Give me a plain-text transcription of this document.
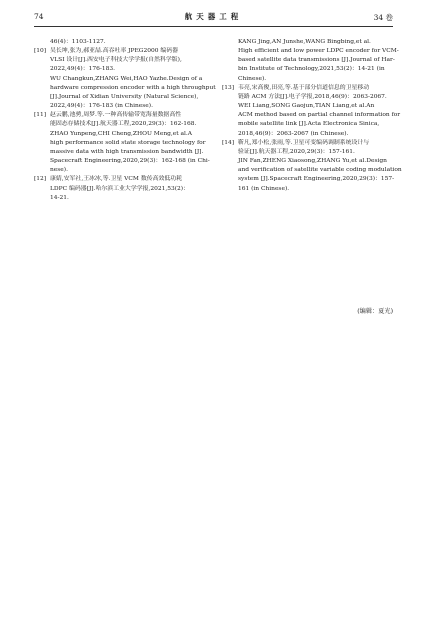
74	航天器工程	34 卷
46(4)：1103-1127.
[10] 吴长坤,张为,郝亚喆.高吞吐率 JPEG2000 编码器
VLSI 设计[J].西安电子科技大学学报(自然科学版),
2022,49(4)：176-183.
WU Changkun,ZHANG Wei,HAO Yazhe.Design of a
hardware compression encoder with a high throughput
[J].Journal of Xidian University (Natural Science),
2022,49(4)：176-183 (in Chinese).
[11] 赵云鹏,池骋,周梦.等.一种高传输带宽海量数据高性
能固态存储技术[J].航天器工程,2020,29(3)：162-168.
ZHAO Yunpeng,CHI Cheng,ZHOU Meng,et al.A
high performance solid state storage technology for
massive data with high transmission bandwidth [J].
Spacecraft Engineering,2020,29(3)：162-168 (in Chi-
nese).
[12] 康婧,安军社,王冰冰,等.卫星 VCM 数传高效低功耗
LDPC 编码器[J].哈尔滨工业大学学报,2021,53(2)：
14-21.
KANG Jing,AN Junshe,WANG Bingbing,et al.
High efficient and low power LDPC encoder for VCM-
based satellite data transmissions [J].Journal of Har-
bin Institute of Technology,2021,53(2)：14-21 (in
Chinese).
[13] 韦亮,宋高俊,田亮,等.基于部分信道信息的卫星移动
链路 ACM 方法[J].电子学报,2018,46(9)：2063-2067.
WEI Liang,SONG Gaojun,TIAN Liang,et al.An
ACM method based on partial channel information for
mobile satellite link [J].Acta Electronica Sinica,
2018,46(9)：2063-2067 (in Chinese).
[14] 靳凡,郑小松,张雨,等.卫星可变编码调制系统设计与
验证[J].航天器工程,2020,29(3)：157-161.
JIN Fan,ZHENG Xiaosong,ZHANG Yu,et al.Design
and verification of satellite variable coding modulation
system [J].Spacecraft Engineering,2020,29(3)：157-
161 (in Chinese).
(编辑：夏光)
